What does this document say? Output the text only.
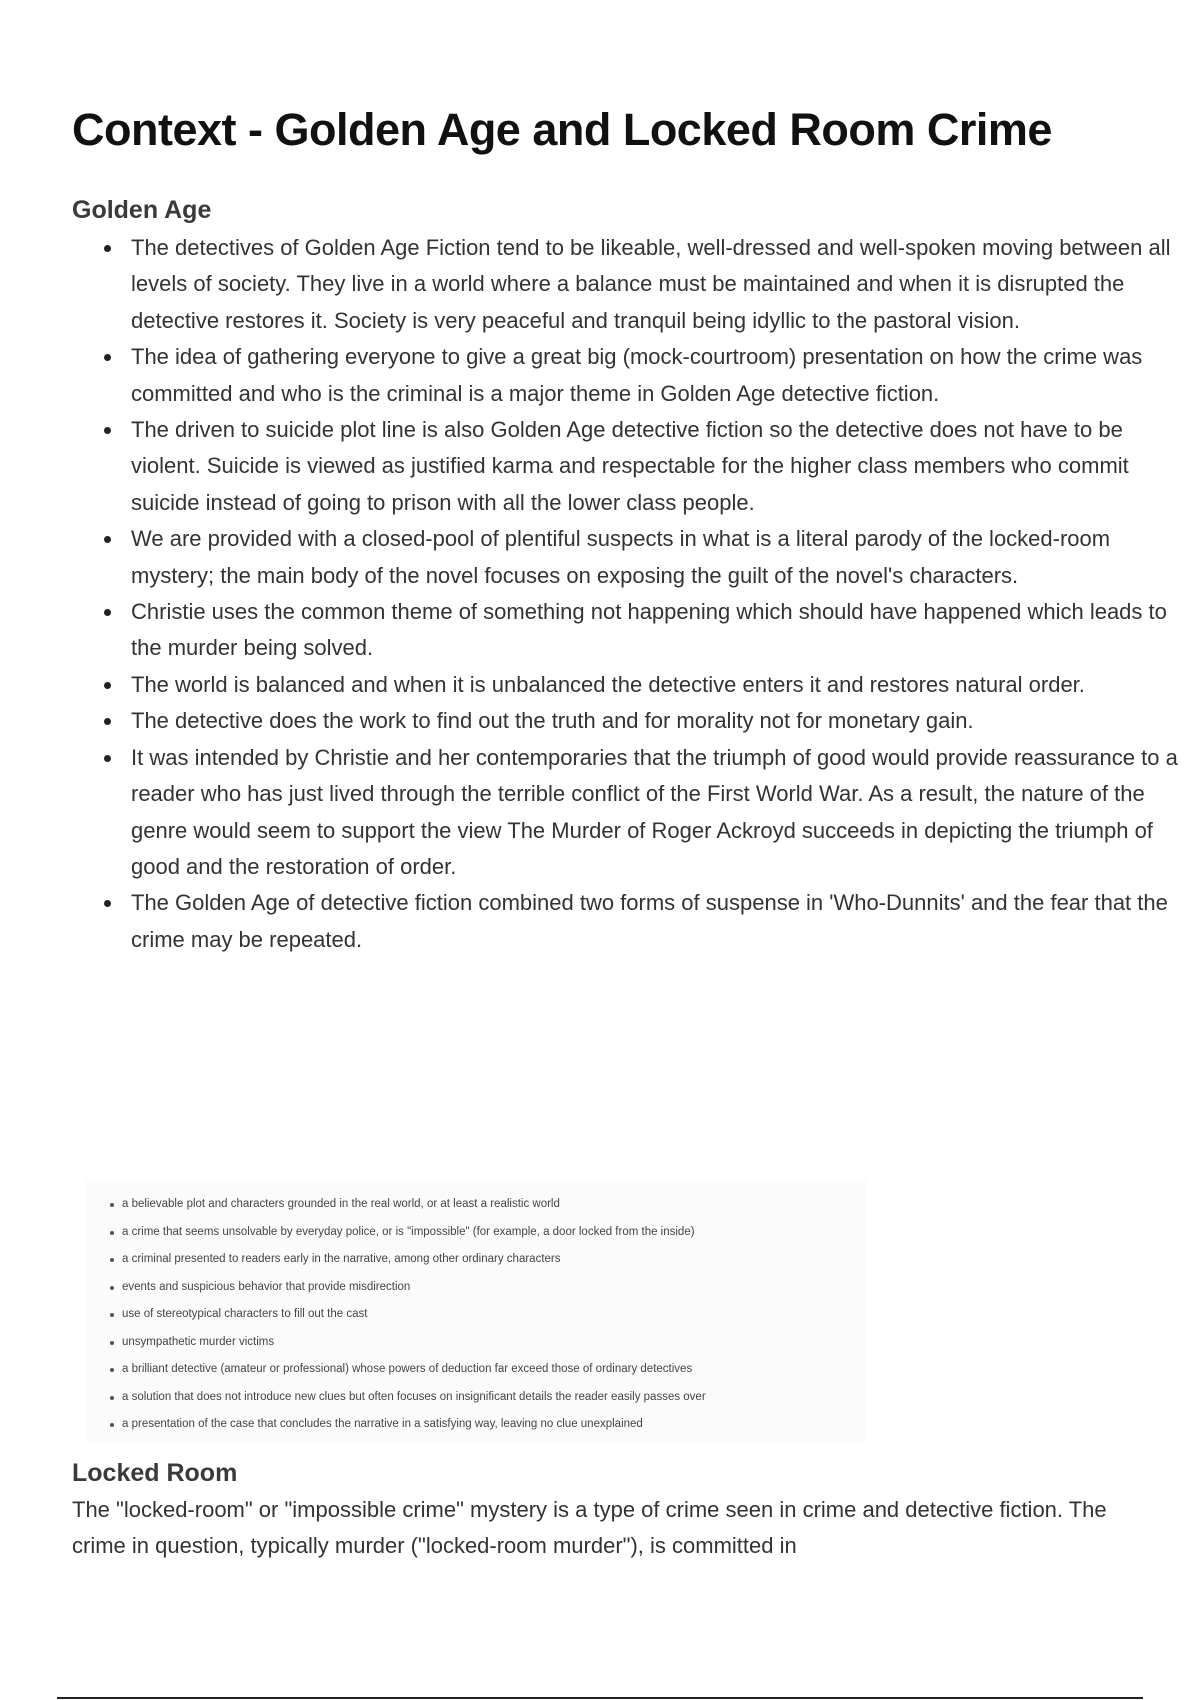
Context - Golden Age and Locked Room Crime
Golden Age
The detectives of Golden Age Fiction tend to be likeable, well-dressed and well-spoken moving between all levels of society. They live in a world where a balance must be maintained and when it is disrupted the detective restores it. Society is very peaceful and tranquil being idyllic to the pastoral vision.
The idea of gathering everyone to give a great big (mock-courtroom) presentation on how the crime was committed and who is the criminal is a major theme in Golden Age detective fiction.
The driven to suicide plot line is also Golden Age detective fiction so the detective does not have to be violent. Suicide is viewed as justified karma and respectable for the higher class members who commit suicide instead of going to prison with all the lower class people.
We are provided with a closed-pool of plentiful suspects in what is a literal parody of the locked-room mystery; the main body of the novel focuses on exposing the guilt of the novel's characters.
Christie uses the common theme of something not happening which should have happened which leads to the murder being solved.
The world is balanced and when it is unbalanced the detective enters it and restores natural order.
The detective does the work to find out the truth and for morality not for monetary gain.
It was intended by Christie and her contemporaries that the triumph of good would provide reassurance to a reader who has just lived through the terrible conflict of the First World War. As a result, the nature of the genre would seem to support the view The Murder of Roger Ackroyd succeeds in depicting the triumph of good and the restoration of order.
The Golden Age of detective fiction combined two forms of suspense in 'Who-Dunnits' and the fear that the crime may be repeated.
a believable plot and characters grounded in the real world, or at least a realistic world
a crime that seems unsolvable by everyday police, or is "impossible" (for example, a door locked from the inside)
a criminal presented to readers early in the narrative, among other ordinary characters
events and suspicious behavior that provide misdirection
use of stereotypical characters to fill out the cast
unsympathetic murder victims
a brilliant detective (amateur or professional) whose powers of deduction far exceed those of ordinary detectives
a solution that does not introduce new clues but often focuses on insignificant details the reader easily passes over
a presentation of the case that concludes the narrative in a satisfying way, leaving no clue unexplained
Locked Room

The "locked-room" or "impossible crime" mystery is a type of crime seen in crime and detective fiction. The crime in question, typically murder ("locked-room murder"), is committed in
